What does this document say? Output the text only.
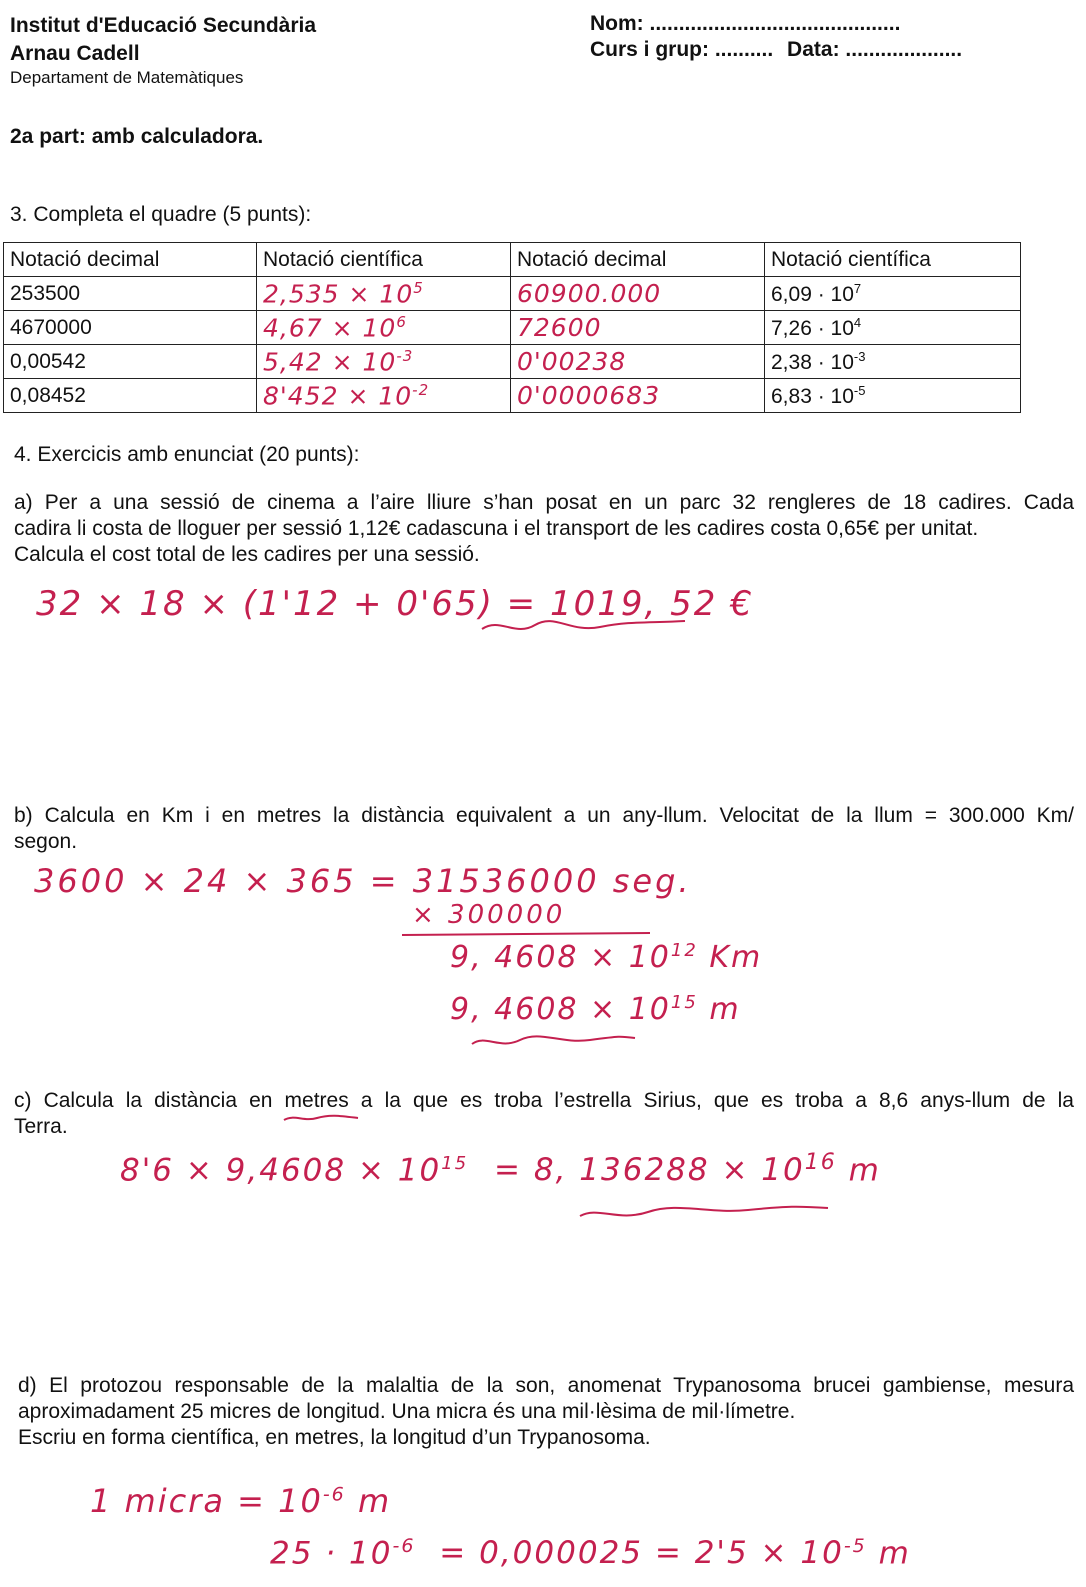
Institut d'Educació Secundària
Arnau Cadell
Departament de Matemàtiques
Nom: ...........................................
Curs i grup: .......... Data: ....................
2a part: amb calculadora.
3. Completa el quadre (5 punts):
Notació decimal	Notació científica	Notació decimal	Notació científica
253500	$2,535 \times 10^5$	60900.000	$6,09 \cdot 10^7$
4670000	$4,67 \times 10^6$	72600	$7,26 \cdot 10^4$
0,00542	$5,42 \times 10^{-3}$	0'00238	$2,38 \cdot 10^{-3}$
0,08452	$8'452 \times 10^{-2}$	0'0000683	$6,83 \cdot 10^{-5}$
4. Exercicis amb enunciat (20 punts):
a) Per a una sessió de cinema a l’aire lliure s’han posat en un parc 32 rengleres de 18 cadires. Cada
cadira li costa de lloguer per sessió 1,12€ cadascuna i el transport de les cadires costa 0,65€ per unitat.
Calcula el cost total de les cadires per una sessió.
32 × 18 × (1'12 + 0'65) = 1019, 52 €
b) Calcula en Km i en metres la distància equivalent a un any-llum. Velocitat de la llum = 300.000 Km/
segon.
3600 × 24 × 365 = 31536000 seg.
× 300000
9, $4608 \times 10^{12}$ Km
9, $4608 \times 10^{15}$ m
c) Calcula la distància en metres a la que es troba l’estrella Sirius, que es troba a 8,6 anys-llum de la
Terra.
$8'6 \times 9,4608 \times 10^{15} = 8$, $136288 \times 10^{16}$ m
d) El protozou responsable de la malaltia de la son, anomenat Trypanosoma brucei gambiense, mesura
aproximadament 25 micres de longitud. Una micra és una mil·lèsima de mil·límetre.
Escriu en forma científica, en metres, la longitud d’un Trypanosoma.
1 micra = $10^{-6}$ m
$25 \cdot 10^{-6} = 0,000025 = 2'5 \times 10^{-5}$ m
